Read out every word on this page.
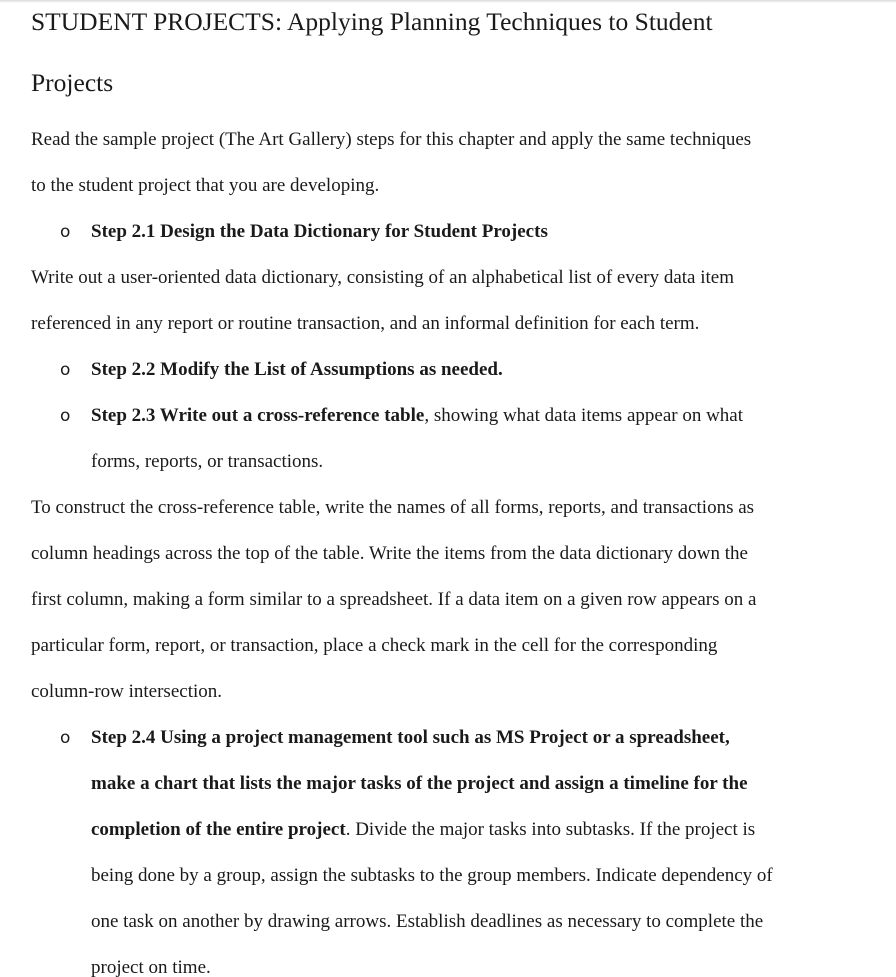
STUDENT PROJECTS: Applying Planning Techniques to Student
Projects

Read the sample project (The Art Gallery) steps for this chapter and apply the same techniques
to the student project that you are developing.

o Step 2.1 Design the Data Dictionary for Student Projects

Write out a user-oriented data dictionary, consisting of an alphabetical list of every data item
referenced in any report or routine transaction, and an informal definition for each term.

o Step 2.2 Modify the List of Assumptions as needed.
o Step 2.3 Write out a cross-reference table, showing what data items appear on what
forms, reports, or transactions.

To construct the cross-reference table, write the names of all forms, reports, and transactions as
column headings across the top of the table. Write the items from the data dictionary down the
first column, making a form similar to a spreadsheet. If a data item on a given row appears on a
particular form, report, or transaction, place a check mark in the cell for the corresponding
column-row intersection.

o Step 2.4 Using a project management tool such as MS Project or a spreadsheet,
make a chart that lists the major tasks of the project and assign a timeline for the
completion of the entire project. Divide the major tasks into subtasks. If the project is
being done by a group, assign the subtasks to the group members. Indicate dependency of
one task on another by drawing arrows. Establish deadlines as necessary to complete the
project on time.
